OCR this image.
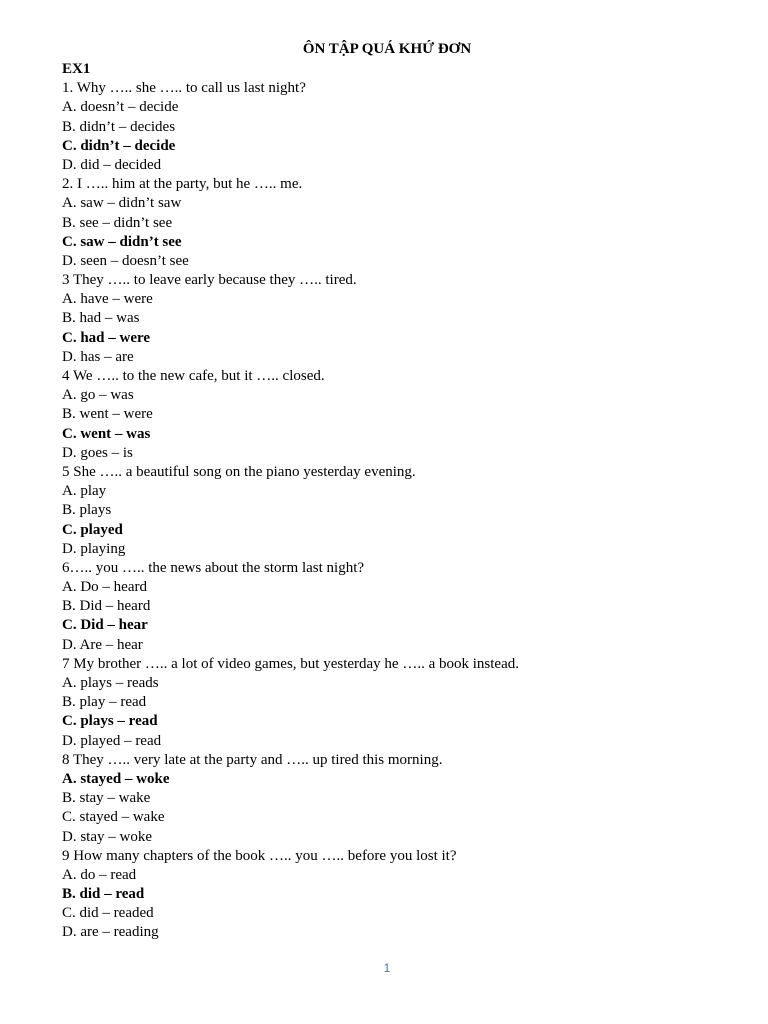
ÔN TẬP QUÁ KHỨ ĐƠN
EX1
1. Why ….. she ….. to call us last night?
A. doesn’t – decide
B. didn’t – decides
C. didn’t – decide
D. did – decided
2. I ….. him at the party, but he ….. me.
A. saw – didn’t saw
B. see – didn’t see
C. saw – didn’t see
D. seen – doesn’t see
3 They ….. to leave early because they ….. tired.
A. have – were
B. had – was
C. had – were
D. has – are
4 We ….. to the new cafe, but it ….. closed.
A. go – was
B. went – were
C. went – was
D. goes – is
5 She ….. a beautiful song on the piano yesterday evening.
A. play
B. plays
C. played
D. playing
6….. you ….. the news about the storm last night?
A. Do – heard
B. Did – heard
C. Did – hear
D. Are – hear
7 My brother ….. a lot of video games, but yesterday he ….. a book instead.
A. plays – reads
B. play – read
C. plays – read
D. played – read
8 They ….. very late at the party and ….. up tired this morning.
A. stayed – woke
B. stay – wake
C. stayed – wake
D. stay – woke
9 How many chapters of the book ….. you ….. before you lost it?
A. do – read
B. did – read
C. did – readed
D. are – reading
1
